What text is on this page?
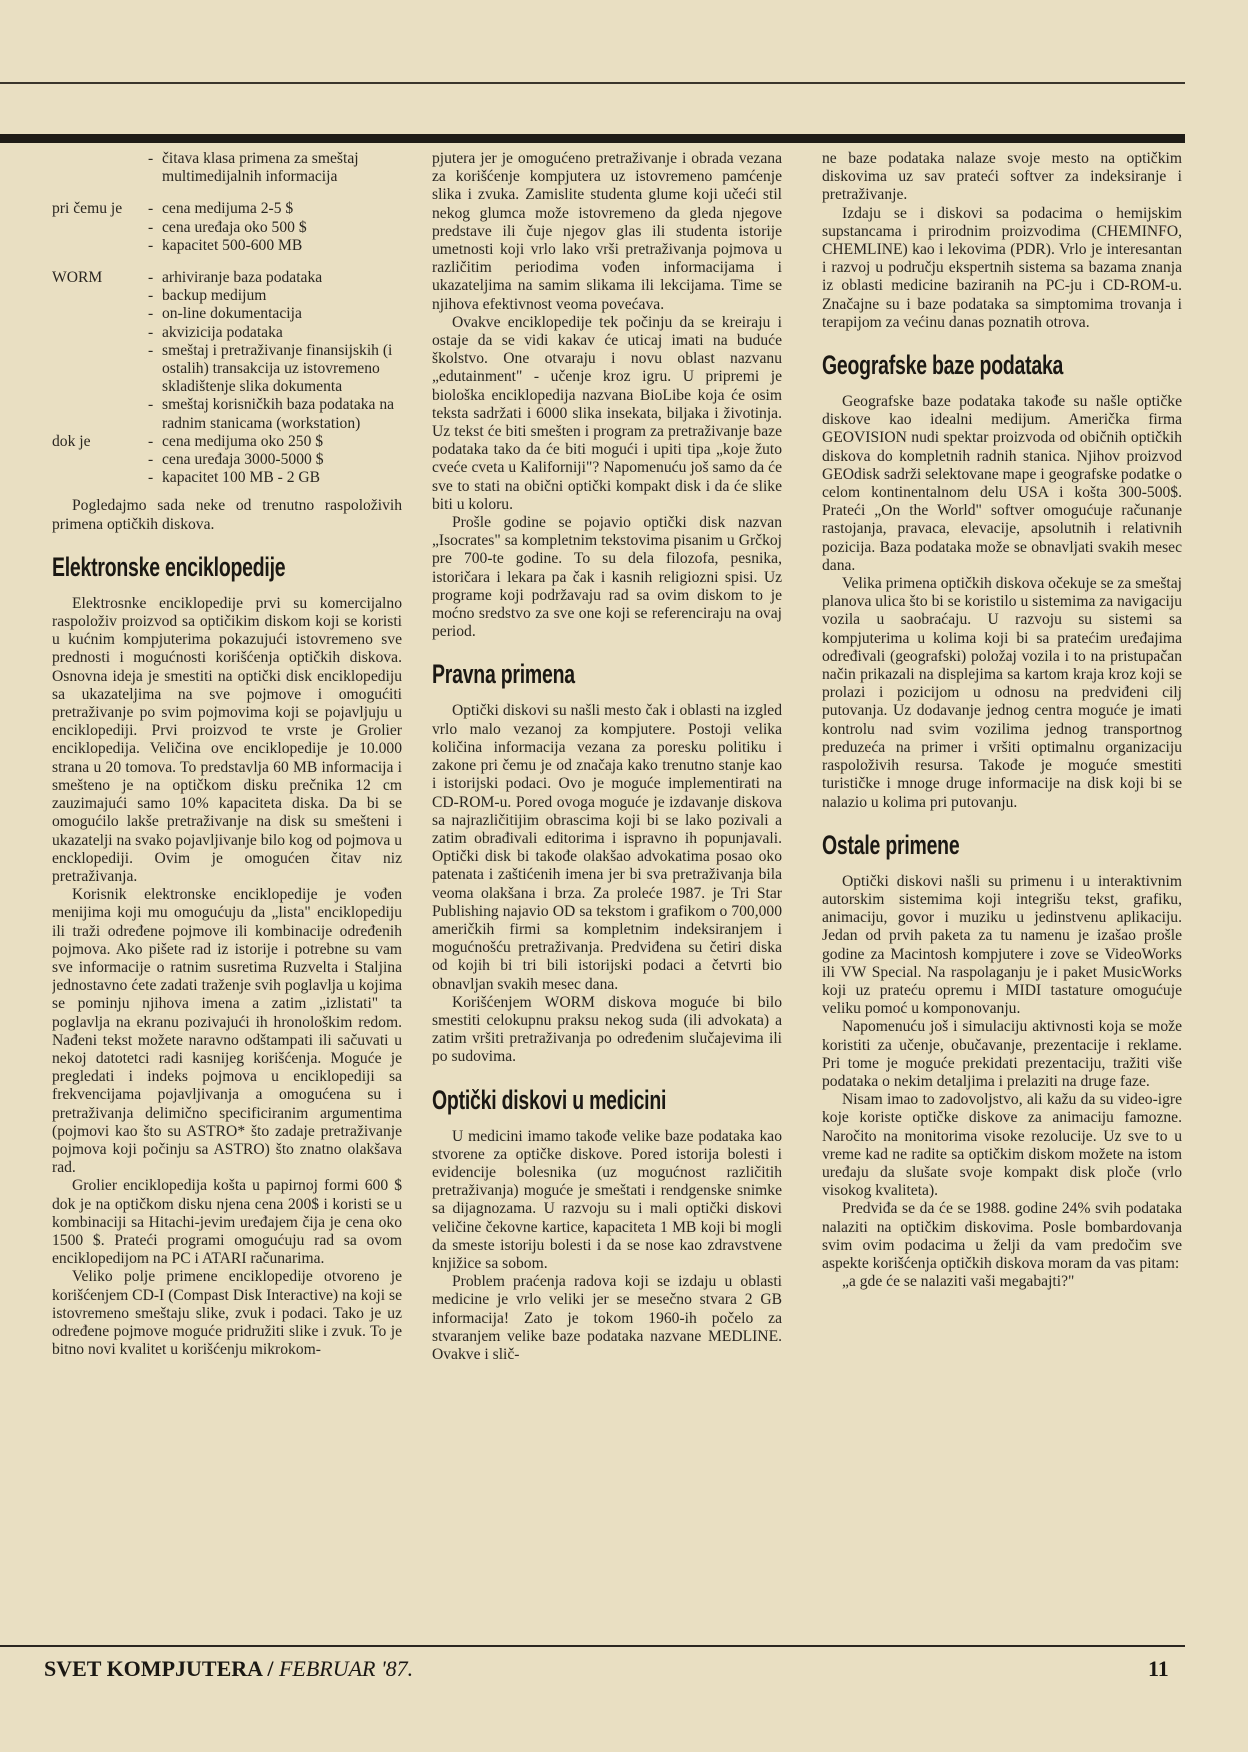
- čitava klasa primena za smeštaj multimedijalnih informacija
pri čemu je	- cena medijuma 2-5 $
- cena uređaja oko 500 $
- kapacitet 500-600 MB
WORM	- arhiviranje baza podataka
- backup medijum
- on-line dokumentacija
- akvizicija podataka
- smeštaj i pretraživanje finansijskih (i ostalih) transakcija uz istovremeno skladištenje slika dokumenta
- smeštaj korisničkih baza podataka na radnim stanicama (workstation)
dok je	- cena medijuma oko 250 $
- cena uređaja 3000-5000 $
- kapacitet 100 MB - 2 GB

Pogledajmo sada neke od trenutno raspoloživih primena optičkih diskova.

Elektronske enciklopedije

Elektrosnke enciklopedije prvi su komercijalno raspoloživ proizvod sa optičikim diskom koji se koristi u kućnim kompjuterima pokazujući istovremeno sve prednosti i mogućnosti korišćenja optičkih diskova. Osnovna ideja je smestiti na optički disk enciklopediju sa ukazateljima na sve pojmove i omogućiti pretraživanje po svim pojmovima koji se pojavljuju u enciklopediji. Prvi proizvod te vrste je Grolier enciklopedija. Veličina ove enciklopedije je 10.000 strana u 20 tomova. To predstavlja 60 MB informacija i smešteno je na optičkom disku prečnika 12 cm zauzimajući samo 10% kapaciteta diska. Da bi se omogućilo lakše pretraživanje na disk su smešteni i ukazatelji na svako pojavljivanje bilo kog od pojmova u encklopediji. Ovim je omogućen čitav niz pretraživanja.

Korisnik elektronske enciklopedije je vođen menijima koji mu omogućuju da „lista" enciklopediju ili traži određene pojmove ili kombinacije određenih pojmova. Ako pišete rad iz istorije i potrebne su vam sve informacije o ratnim susretima Ruzvelta i Staljina jednostavno ćete zadati traženje svih poglavlja u kojima se pominju njihova imena a zatim „izlistati" ta poglavlja na ekranu pozivajući ih hronološkim redom. Nađeni tekst možete naravno odštampati ili sačuvati u nekoj datotetci radi kasnijeg korišćenja. Moguće je pregledati i indeks pojmova u enciklopediji sa frekvencijama pojavljivanja a omogućena su i pretraživanja delimično specificiranim argumentima (pojmovi kao što su ASTRO* što zadaje pretraživanje pojmova koji počinju sa ASTRO) što znatno olakšava rad.

Grolier enciklopedija košta u papirnoj formi 600 $ dok je na optičkom disku njena cena 200$ i koristi se u kombinaciji sa Hitachi-jevim uređajem čija je cena oko 1500 $. Prateći programi omogućuju rad sa ovom enciklopedijom na PC i ATARI računarima.

Veliko polje primene enciklopedije otvoreno je korišćenjem CD-I (Compast Disk Interactive) na koji se istovremeno smeštaju slike, zvuk i podaci. Tako je uz određene pojmove moguće pridružiti slike i zvuk. To je bitno novi kvalitet u korišćenju mikrokom-

pjutera jer je omogućeno pretraživanje i obrada vezana za korišćenje kompjutera uz istovremeno pamćenje slika i zvuka. Zamislite studenta glume koji učeći stil nekog glumca može istovremeno da gleda njegove predstave ili čuje njegov glas ili studenta istorije umetnosti koji vrlo lako vrši pretraživanja pojmova u različitim periodima vođen informacijama i ukazateljima na samim slikama ili lekcijama. Time se njihova efektivnost veoma povećava.

Ovakve enciklopedije tek počinju da se kreiraju i ostaje da se vidi kakav će uticaj imati na buduće školstvo. One otvaraju i novu oblast nazvanu „edutainment" - učenje kroz igru. U pripremi je biološka enciklopedija nazvana BioLibe koja će osim teksta sadržati i 6000 slika insekata, biljaka i životinja. Uz tekst će biti smešten i program za pretraživanje baze podataka tako da će biti mogući i upiti tipa „koje žuto cveće cveta u Kaliforniji"? Napomenuću još samo da će sve to stati na obični optički kompakt disk i da će slike biti u koloru.

Prošle godine se pojavio optički disk nazvan „Isocrates" sa kompletnim tekstovima pisanim u Grčkoj pre 700-te godine. To su dela filozofa, pesnika, istoričara i lekara pa čak i kasnih religiozni spisi. Uz programe koji podržavaju rad sa ovim diskom to je moćno sredstvo za sve one koji se referenciraju na ovaj period.

Pravna primena

Optički diskovi su našli mesto čak i oblasti na izgled vrlo malo vezanoj za kompjutere. Postoji velika količina informacija vezana za poresku politiku i zakone pri čemu je od značaja kako trenutno stanje kao i istorijski podaci. Ovo je moguće implementirati na CD-ROM-u. Pored ovoga moguće je izdavanje diskova sa najrazličitijim obrascima koji bi se lako pozivali a zatim obrađivali editorima i ispravno ih popunjavali. Optički disk bi takođe olakšao advokatima posao oko patenata i zaštićenih imena jer bi sva pretraživanja bila veoma olakšana i brza. Za proleće 1987. je Tri Star Publishing najavio OD sa tekstom i grafikom o 700,000 američkih firmi sa kompletnim indeksiranjem i mogućnošću pretraživanja. Predviđena su četiri diska od kojih bi tri bili istorijski podaci a četvrti bio obnavljan svakih mesec dana.

Korišćenjem WORM diskova moguće bi bilo smestiti celokupnu praksu nekog suda (ili advokata) a zatim vršiti pretraživanja po određenim slučajevima ili po sudovima.

Optički diskovi u medicini

U medicini imamo takođe velike baze podataka kao stvorene za optičke diskove. Pored istorija bolesti i evidencije bolesnika (uz mogućnost različitih pretraživanja) moguće je smeštati i rendgenske snimke sa dijagnozama. U razvoju su i mali optički diskovi veličine čekovne kartice, kapaciteta 1 MB koji bi mogli da smeste istoriju bolesti i da se nose kao zdravstvene knjižice sa sobom.

Problem praćenja radova koji se izdaju u oblasti medicine je vrlo veliki jer se mesečno stvara 2 GB informacija! Zato je tokom 1960-ih počelo za stvaranjem velike baze podataka nazvane MEDLINE. Ovakve i slič-

ne baze podataka nalaze svoje mesto na optičkim diskovima uz sav prateći softver za indeksiranje i pretraživanje.

Izdaju se i diskovi sa podacima o hemijskim supstancama i prirodnim proizvodima (CHEMINFO, CHEMLINE) kao i lekovima (PDR). Vrlo je interesantan i razvoj u području ekspertnih sistema sa bazama znanja iz oblasti medicine baziranih na PC-ju i CD-ROM-u. Značajne su i baze podataka sa simptomima trovanja i terapijom za većinu danas poznatih otrova.

Geografske baze podataka

Geografske baze podataka takođe su našle optičke diskove kao idealni medijum. Američka firma GEOVISION nudi spektar proizvoda od običnih optičkih diskova do kompletnih radnih stanica. Njihov proizvod GEOdisk sadrži selektovane mape i geografske podatke o celom kontinentalnom delu USA i košta 300-500$. Prateći „On the World" softver omogućuje računanje rastojanja, pravaca, elevacije, apsolutnih i relativnih pozicija. Baza podataka može se obnavljati svakih mesec dana.

Velika primena optičkih diskova očekuje se za smeštaj planova ulica što bi se koristilo u sistemima za navigaciju vozila u saobraćaju. U razvoju su sistemi sa kompjuterima u kolima koji bi sa pratećim uređajima određivali (geografski) položaj vozila i to na pristupačan način prikazali na displejima sa kartom kraja kroz koji se prolazi i pozicijom u odnosu na predviđeni cilj putovanja. Uz dodavanje jednog centra moguće je imati kontrolu nad svim vozilima jednog transportnog preduzeća na primer i vršiti optimalnu organizaciju raspoloživih resursa. Takođe je moguće smestiti turističke i mnoge druge informacije na disk koji bi se nalazio u kolima pri putovanju.

Ostale primene

Optički diskovi našli su primenu i u interaktivnim autorskim sistemima koji integrišu tekst, grafiku, animaciju, govor i muziku u jedinstvenu aplikaciju. Jedan od prvih paketa za tu namenu je izašao prošle godine za Macintosh kompjutere i zove se VideoWorks ili VW Special. Na raspolaganju je i paket MusicWorks koji uz prateću opremu i MIDI tastature omogućuje veliku pomoć u komponovanju.

Napomenuću još i simulaciju aktivnosti koja se može koristiti za učenje, obučavanje, prezentacije i reklame. Pri tome je moguće prekidati prezentaciju, tražiti više podataka o nekim detaljima i prelaziti na druge faze.

Nisam imao to zadovoljstvo, ali kažu da su video-igre koje koriste optičke diskove za animaciju famozne. Naročito na monitorima visoke rezolucije. Uz sve to u vreme kad ne radite sa optičkim diskom možete na istom uređaju da slušate svoje kompakt disk ploče (vrlo visokog kvaliteta).

Predviđa se da će se 1988. godine 24% svih podataka nalaziti na optičkim diskovima. Posle bombardovanja svim ovim podacima u želji da vam predočim sve aspekte korišćenja optičkih diskova moram da vas pitam:

„a gde će se nalaziti vaši megabajti?"

SVET KOMPJUTERA / FEBRUAR '87.	11
